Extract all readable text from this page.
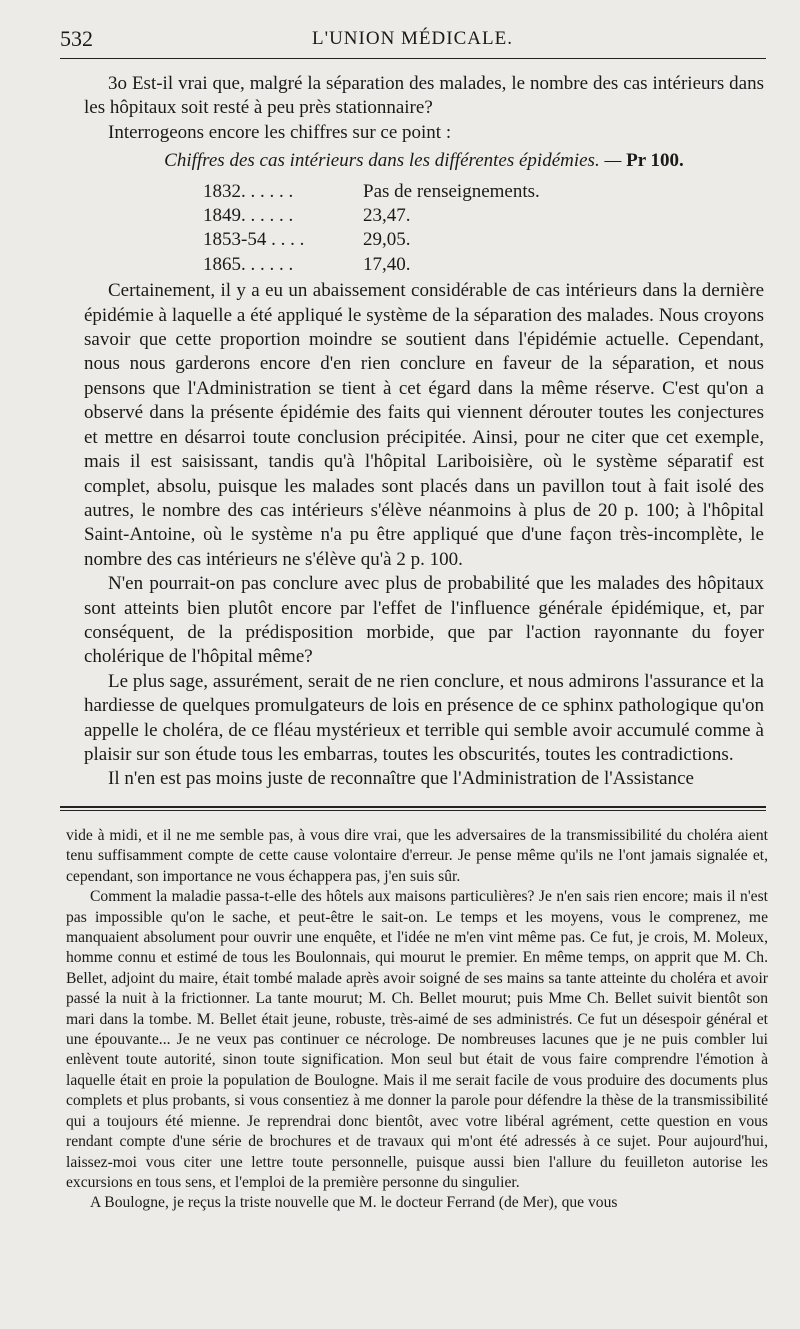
532	L'UNION MÉDICALE.

3o Est-il vrai que, malgré la séparation des malades, le nombre des cas intérieurs dans les hôpitaux soit resté à peu près stationnaire?

Interrogeons encore les chiffres sur ce point :

Chiffres des cas intérieurs dans les différentes épidémies. — Pr 100.

1832. . . . . .	Pas de renseignements.
1849. . . . . .	23,47.
1853-54 . . . .	29,05.
1865. . . . . .	17,40.

Certainement, il y a eu un abaissement considérable de cas intérieurs dans la dernière épidémie à laquelle a été appliqué le système de la séparation des malades. Nous croyons savoir que cette proportion moindre se soutient dans l'épidémie actuelle. Cependant, nous nous garderons encore d'en rien conclure en faveur de la séparation, et nous pensons que l'Administration se tient à cet égard dans la même réserve. C'est qu'on a observé dans la présente épidémie des faits qui viennent dérouter toutes les conjectures et mettre en désarroi toute conclusion précipitée. Ainsi, pour ne citer que cet exemple, mais il est saisissant, tandis qu'à l'hôpital Lariboisière, où le système séparatif est complet, absolu, puisque les malades sont placés dans un pavillon tout à fait isolé des autres, le nombre des cas intérieurs s'élève néanmoins à plus de 20 p. 100; à l'hôpital Saint-Antoine, où le système n'a pu être appliqué que d'une façon très-incomplète, le nombre des cas intérieurs ne s'élève qu'à 2 p. 100.

N'en pourrait-on pas conclure avec plus de probabilité que les malades des hôpitaux sont atteints bien plutôt encore par l'effet de l'influence générale épidémique, et, par conséquent, de la prédisposition morbide, que par l'action rayonnante du foyer cholérique de l'hôpital même?

Le plus sage, assurément, serait de ne rien conclure, et nous admirons l'assurance et la hardiesse de quelques promulgateurs de lois en présence de ce sphinx pathologique qu'on appelle le choléra, de ce fléau mystérieux et terrible qui semble avoir accumulé comme à plaisir sur son étude tous les embarras, toutes les obscurités, toutes les contradictions.

Il n'en est pas moins juste de reconnaître que l'Administration de l'Assistance

vide à midi, et il ne me semble pas, à vous dire vrai, que les adversaires de la transmissibilité du choléra aient tenu suffisamment compte de cette cause volontaire d'erreur. Je pense même qu'ils ne l'ont jamais signalée et, cependant, son importance ne vous échappera pas, j'en suis sûr.

Comment la maladie passa-t-elle des hôtels aux maisons particulières? Je n'en sais rien encore; mais il n'est pas impossible qu'on le sache, et peut-être le sait-on. Le temps et les moyens, vous le comprenez, me manquaient absolument pour ouvrir une enquête, et l'idée ne m'en vint même pas. Ce fut, je crois, M. Moleux, homme connu et estimé de tous les Boulonnais, qui mourut le premier. En même temps, on apprit que M. Ch. Bellet, adjoint du maire, était tombé malade après avoir soigné de ses mains sa tante atteinte du choléra et avoir passé la nuit à la frictionner. La tante mourut; M. Ch. Bellet mourut; puis Mme Ch. Bellet suivit bientôt son mari dans la tombe. M. Bellet était jeune, robuste, très-aimé de ses administrés. Ce fut un désespoir général et une épouvante... Je ne veux pas continuer ce nécrologe. De nombreuses lacunes que je ne puis combler lui enlèvent toute autorité, sinon toute signification. Mon seul but était de vous faire comprendre l'émotion à laquelle était en proie la population de Boulogne. Mais il me serait facile de vous produire des documents plus complets et plus probants, si vous consentiez à me donner la parole pour défendre la thèse de la transmissibilité qui a toujours été mienne. Je reprendrai donc bientôt, avec votre libéral agrément, cette question en vous rendant compte d'une série de brochures et de travaux qui m'ont été adressés à ce sujet. Pour aujourd'hui, laissez-moi vous citer une lettre toute personnelle, puisque aussi bien l'allure du feuilleton autorise les excursions en tous sens, et l'emploi de la première personne du singulier.

A Boulogne, je reçus la triste nouvelle que M. le docteur Ferrand (de Mer), que vous
